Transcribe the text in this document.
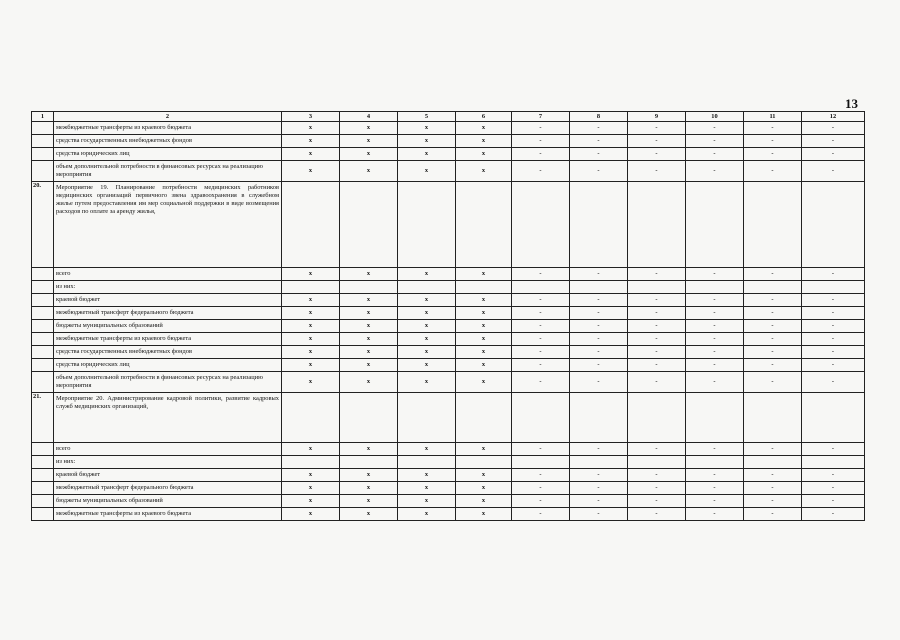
13
1	2	3	4	5	6	7	8	9	10	11	12
	межбюджетные трансферты из краевого бюджета	x	x	x	x	-	-	-	-	-	-
	средства государственных внебюджетных фондов	x	x	x	x	-	-	-	-	-	-
	средства юридических лиц	x	x	x	x	-	-	-	-	-	-
	объем дополнительной потребности в финансовых ресурсах на реализацию мероприятия	x	x	x	x	-	-	-	-	-	-
20.	Мероприятие 19. Планирование потребности медицинских работников медицинских организаций первичного звена здравоохранения в служебном жилье путем предоставления им мер социальной поддержки в виде возмещения расходов по оплате за аренду жилья,										
	всего	x	x	x	x	-	-	-	-	-	-
	из них:										
	краевой бюджет	x	x	x	x	-	-	-	-	-	-
	межбюджетный трансферт федерального бюджета	x	x	x	x	-	-	-	-	-	-
	бюджеты муниципальных образований	x	x	x	x	-	-	-	-	-	-
	межбюджетные трансферты из краевого бюджета	x	x	x	x	-	-	-	-	-	-
	средства государственных внебюджетных фондов	x	x	x	x	-	-	-	-	-	-
	средства юридических лиц	x	x	x	x	-	-	-	-	-	-
	объем дополнительной потребности в финансовых ресурсах на реализацию мероприятия	x	x	x	x	-	-	-	-	-	-
21.	Мероприятие 20. Администрирование кадровой политики, развитие кадровых служб медицинских организаций,										
	всего	x	x	x	x	-	-	-	-	-	-
	из них:										
	краевой бюджет	x	x	x	x	-	-	-	-	-	-
	межбюджетный трансферт федерального бюджета	x	x	x	x	-	-	-	-	-	-
	бюджеты муниципальных образований	x	x	x	x	-	-	-	-	-	-
	межбюджетные трансферты из краевого бюджета	x	x	x	x	-	-	-	-	-	-
